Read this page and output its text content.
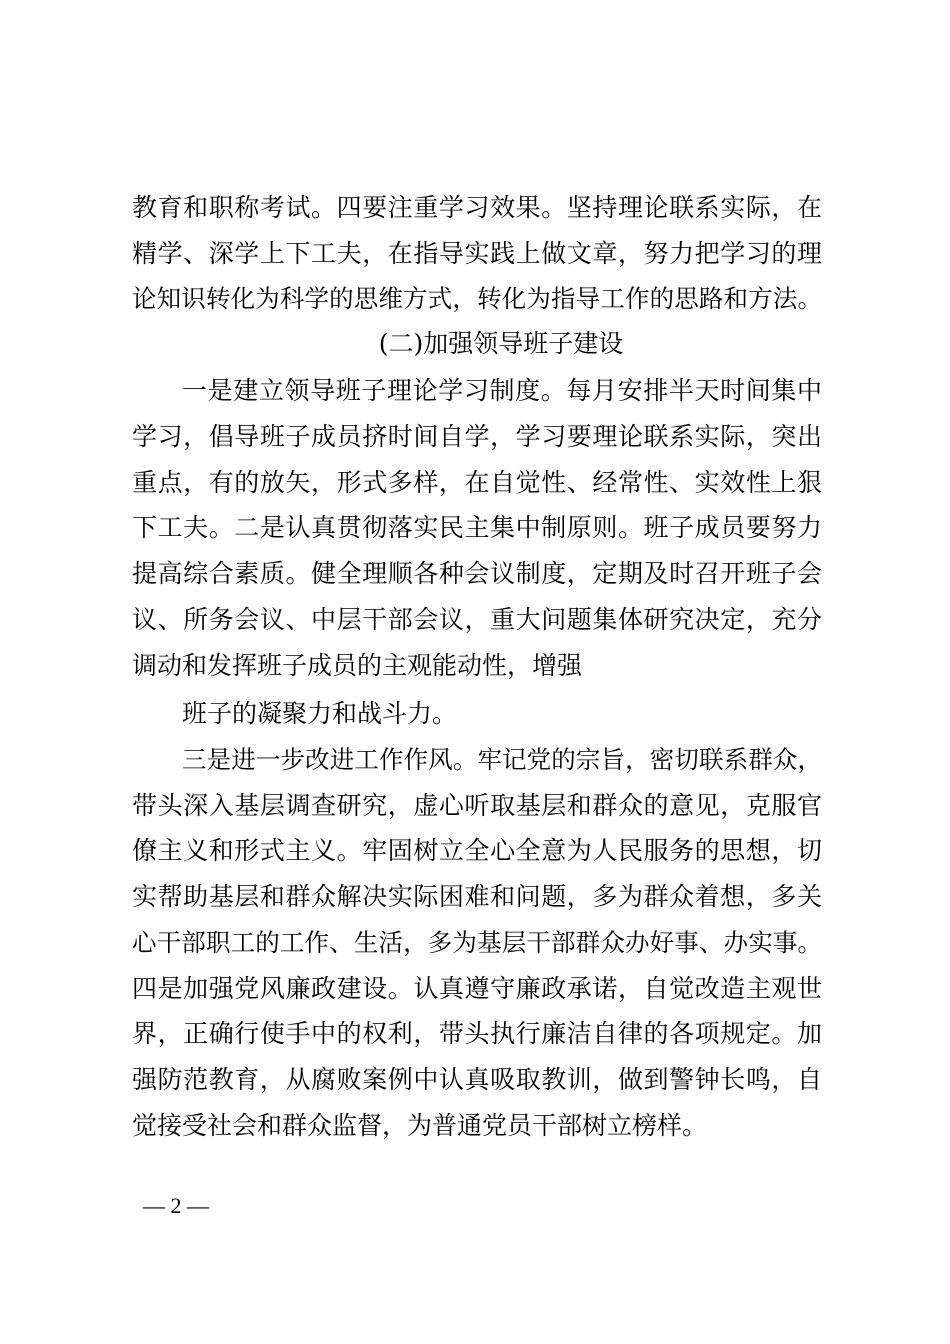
教育和职称考试。四要注重学习效果。坚持理论联系实际，在
精学、深学上下工夫，在指导实践上做文章，努力把学习的理
论知识转化为科学的思维方式，转化为指导工作的思路和方法。
(二)加强领导班子建设
一是建立领导班子理论学习制度。每月安排半天时间集中
学习，倡导班子成员挤时间自学，学习要理论联系实际，突出
重点，有的放矢，形式多样，在自觉性、经常性、实效性上狠
下工夫。二是认真贯彻落实民主集中制原则。班子成员要努力
提高综合素质。健全理顺各种会议制度，定期及时召开班子会
议、所务会议、中层干部会议，重大问题集体研究决定，充分
调动和发挥班子成员的主观能动性，增强
班子的凝聚力和战斗力。
三是进一步改进工作作风。牢记党的宗旨，密切联系群众，
带头深入基层调查研究，虚心听取基层和群众的意见，克服官
僚主义和形式主义。牢固树立全心全意为人民服务的思想，切
实帮助基层和群众解决实际困难和问题，多为群众着想，多关
心干部职工的工作、生活，多为基层干部群众办好事、办实事。
四是加强党风廉政建设。认真遵守廉政承诺，自觉改造主观世
界，正确行使手中的权利，带头执行廉洁自律的各项规定。加
强防范教育，从腐败案例中认真吸取教训，做到警钟长鸣，自
觉接受社会和群众监督，为普通党员干部树立榜样。
— 2 —
